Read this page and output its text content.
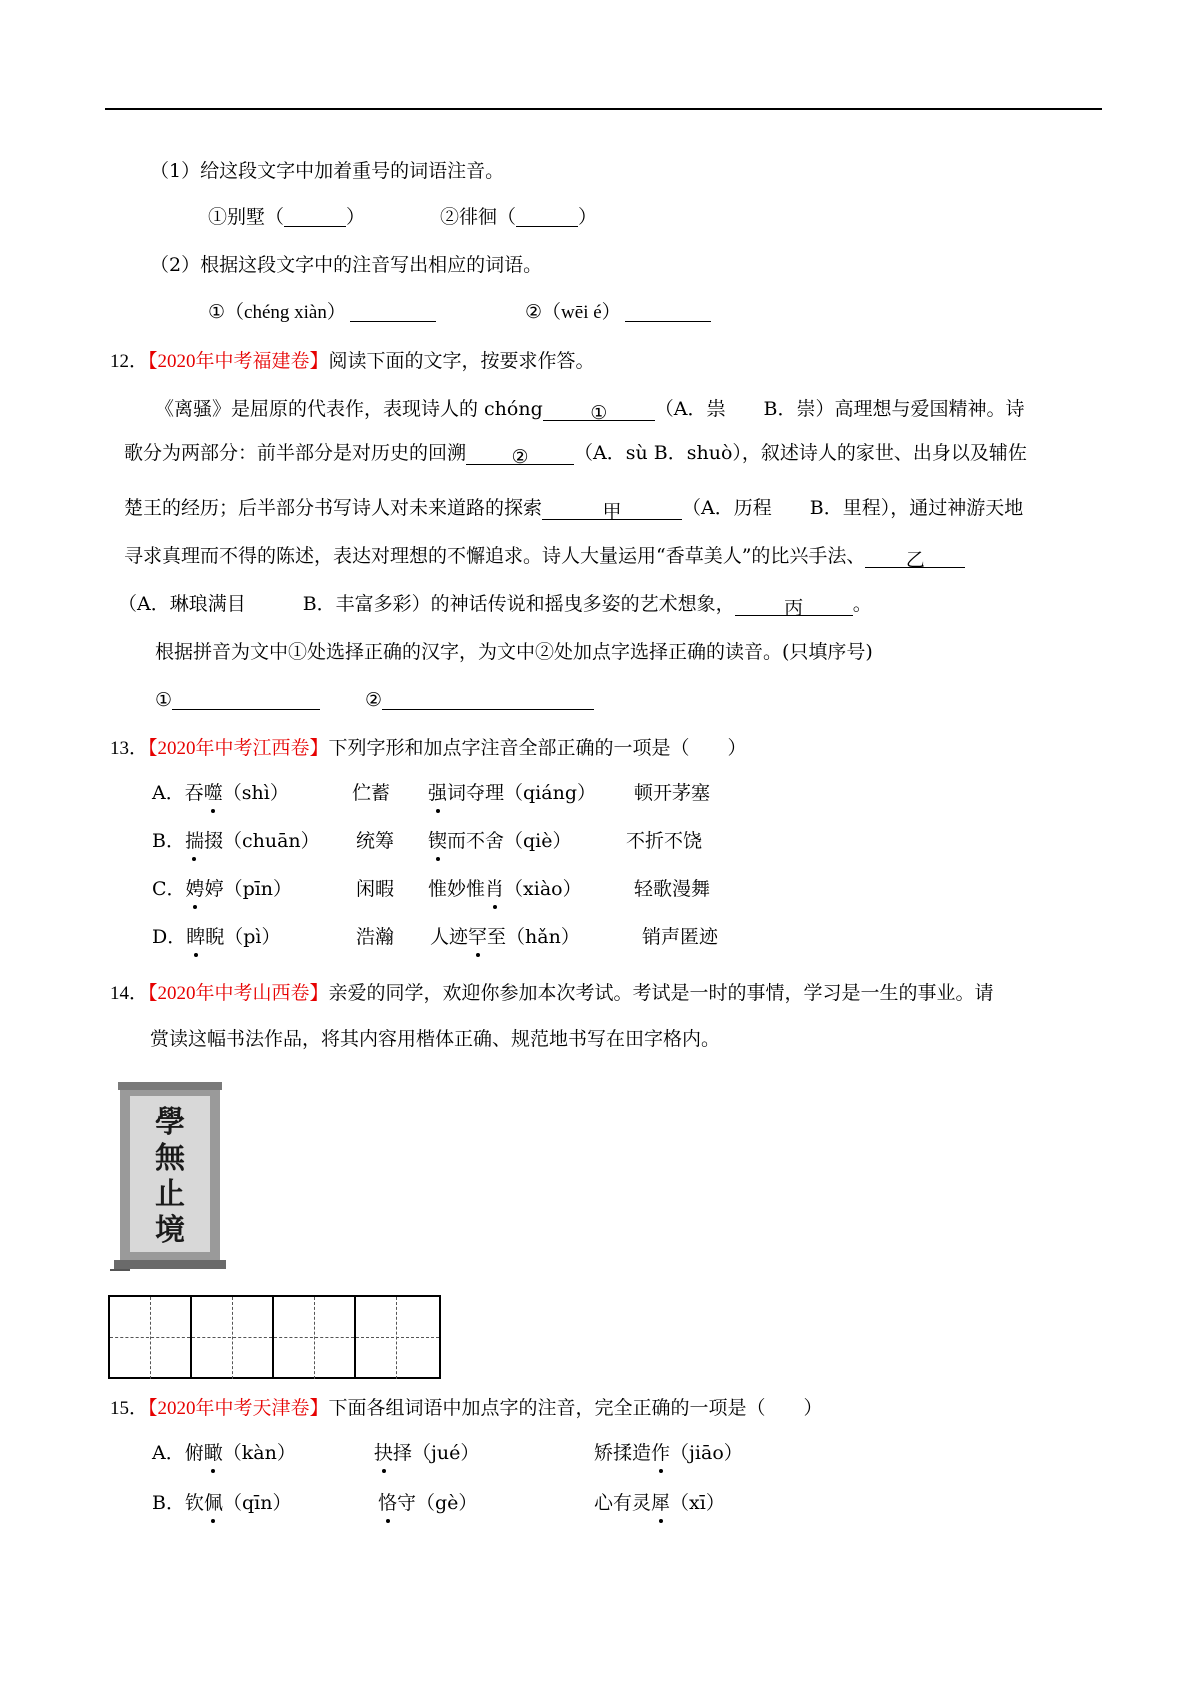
（1）给这段文字中加着重号的词语注音。
①别墅（	）	②徘徊（	）
（2）根据这段文字中的注音写出相应的词语。
①（chéng xiàn）	②（wēi é）
12．【2020年中考福建卷】阅读下面的文字，按要求作答。
《离骚》是屈原的代表作，表现诗人的 chóng ① （A．祟　　B．崇）高理想与爱国精神。诗
歌分为两部分：前半部分是对历史的回溯 ② （A．sù B．shuò），叙述诗人的家世、出身以及辅佐
楚王的经历；后半部分书写诗人对未来道路的探索	甲	（A．历程　　B．里程），通过神游天地
寻求真理而不得的陈述，表达对理想的不懈追求。诗人大量运用“香草美人”的比兴手法、 乙
（A．琳琅满目　　　B．丰富多彩）的神话传说和摇曳多姿的艺术想象，	丙	。
根据拼音为文中①处选择正确的汉字，为文中②处加点字选择正确的读音。(只填序号)
①	②
13．【2020年中考江西卷】下列字形和加点字注音全部正确的一项是（　　）
A．吞噬（shì）	伫蓄 强词夺理（qiáng） 顿开茅塞
B．揣掇（chuān） 统筹 锲而不舍（qiè）	不折不饶
C．娉婷（pīn）	闲暇 惟妙惟肖（xiào）	轻歌漫舞
D．睥睨（pì）	浩瀚 人迹罕至（hǎn）	销声匿迹
14．【2020年中考山西卷】亲爱的同学，欢迎你参加本次考试。考试是一时的事情，学习是一生的事业。请
赏读这幅书法作品，将其内容用楷体正确、规范地书写在田字格内。
學
無
止
境
15．【2020年中考天津卷】下面各组词语中加点字的注音，完全正确的一项是（　　）
A．俯瞰（kàn）	抉择（jué）	矫揉造作（jiāo）
B．钦佩（qīn）	恪守（gè）	心有灵犀（xī）
